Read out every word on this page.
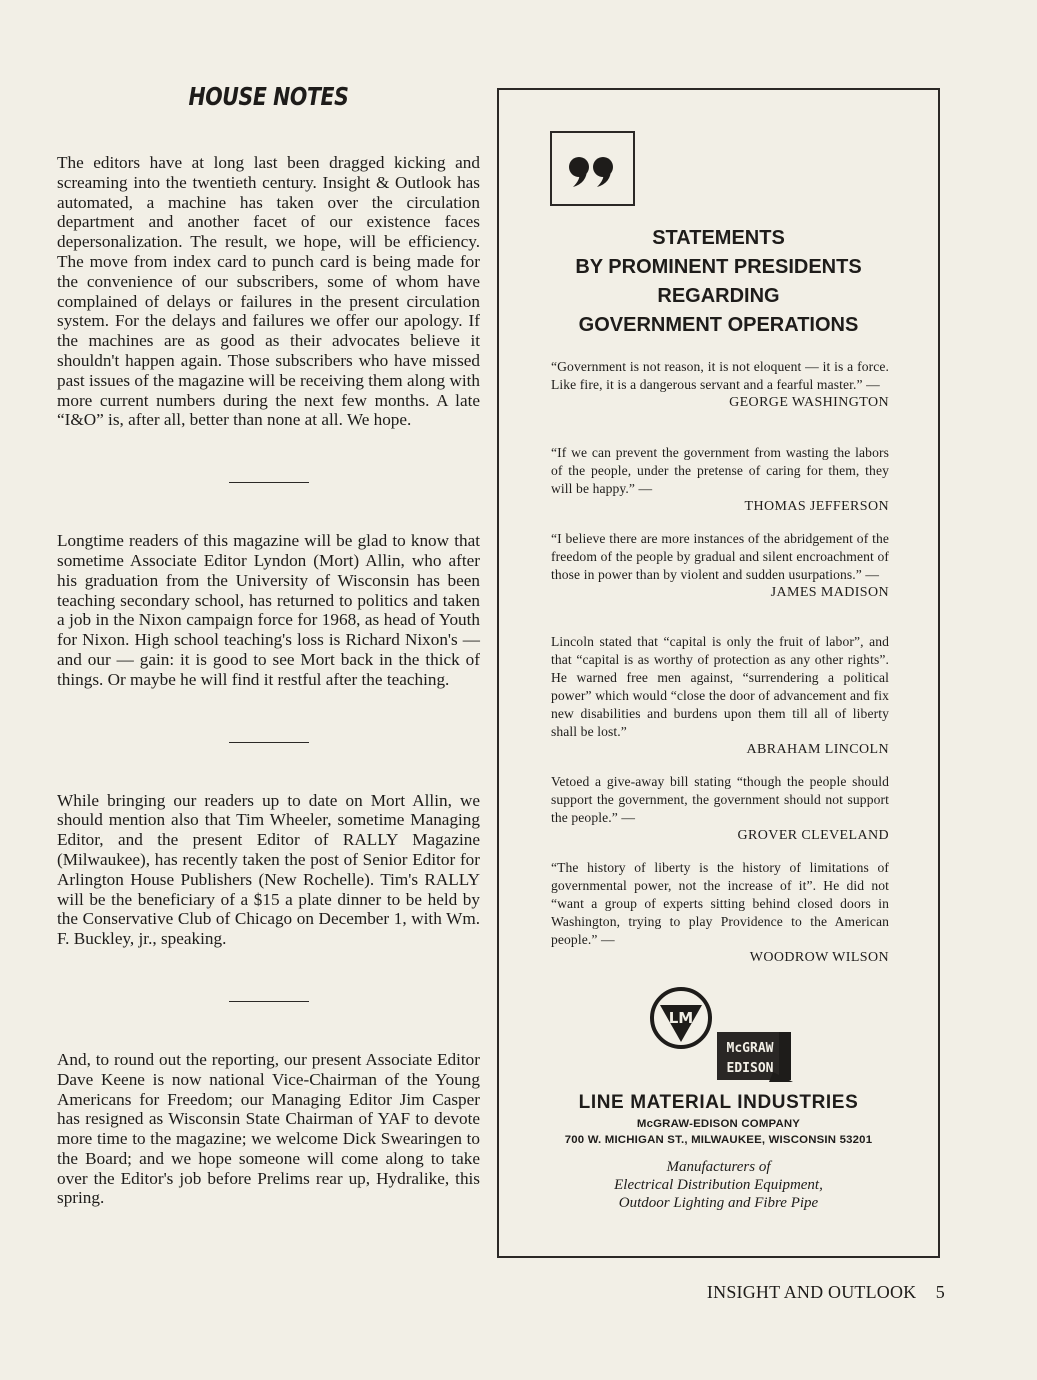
HOUSE NOTES

The editors have at long last been dragged kicking and screaming into the twentieth century. Insight & Outlook has automated, a machine has taken over the circulation department and another facet of our existence faces depersonalization. The result, we hope, will be efficiency. The move from index card to punch card is being made for the convenience of our subscribers, some of whom have complained of delays or failures in the present circulation system. For the delays and failures we offer our apology. If the machines are as good as their advocates believe it shouldn't happen again. Those subscribers who have missed past issues of the magazine will be receiving them along with more current numbers during the next few months. A late “I&O” is, after all, better than none at all. We hope.

Longtime readers of this magazine will be glad to know that sometime Associate Editor Lyndon (Mort) Allin, who after his graduation from the University of Wisconsin has been teaching secondary school, has returned to politics and taken a job in the Nixon campaign force for 1968, as head of Youth for Nixon. High school teaching's loss is Richard Nixon's — and our — gain: it is good to see Mort back in the thick of things. Or maybe he will find it restful after the teaching.

While bringing our readers up to date on Mort Allin, we should mention also that Tim Wheeler, sometime Managing Editor, and the present Editor of RALLY Magazine (Milwaukee), has recently taken the post of Senior Editor for Arlington House Publishers (New Rochelle). Tim's RALLY will be the beneficiary of a $15 a plate dinner to be held by the Conservative Club of Chicago on December 1, with Wm. F. Buckley, jr., speaking.

And, to round out the reporting, our present Associate Editor Dave Keene is now national Vice-Chairman of the Young Americans for Freedom; our Managing Editor Jim Casper has resigned as Wisconsin State Chairman of YAF to devote more time to the magazine; we welcome Dick Swearingen to the Board; and we hope someone will come along to take over the Editor's job before Prelims rear up, Hydralike, this spring.

STATEMENTS
BY PROMINENT PRESIDENTS
REGARDING
GOVERNMENT OPERATIONS

“Government is not reason, it is not eloquent — it is a force. Like fire, it is a dangerous servant and a fearful master.” —

GEORGE WASHINGTON

“If we can prevent the government from wasting the labors of the people, under the pretense of caring for them, they will be happy.” —

THOMAS JEFFERSON

“I believe there are more instances of the abridgement of the freedom of the people by gradual and silent encroachment of those in power than by violent and sudden usurpations.” —

JAMES MADISON

Lincoln stated that “capital is only the fruit of labor”, and that “capital is as worthy of protection as any other rights”. He warned free men against, “surrendering a political power” which would “close the door of advancement and fix new disabilities and burdens upon them till all of liberty shall be lost.”

ABRAHAM LINCOLN

Vetoed a give-away bill stating “though the people should support the government, the government should not support the people.” —

GROVER CLEVELAND

“The history of liberty is the history of limitations of governmental power, not the increase of it”. He did not “want a group of experts sitting behind closed doors in Washington, trying to play Providence to the American people.” —

WOODROW WILSON
LM
McGRAW
EDISON
LINE MATERIAL INDUSTRIES
McGRAW-EDISON COMPANY
700 W. MICHIGAN ST., MILWAUKEE, WISCONSIN 53201
Manufacturers of
Electrical Distribution Equipment,
Outdoor Lighting and Fibre Pipe
INSIGHT AND OUTLOOK 5
